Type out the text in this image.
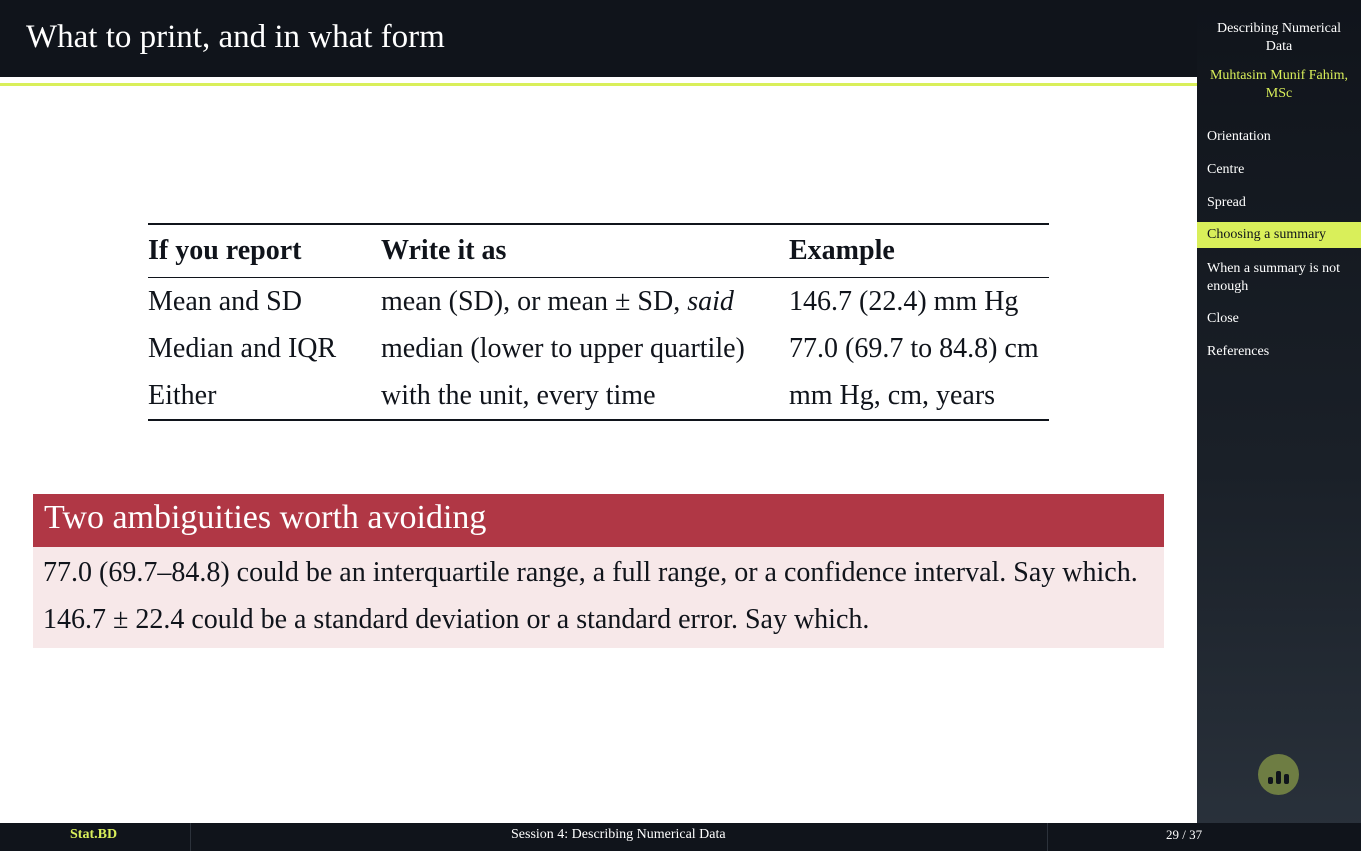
What to print, and in what form	Describing Numerical Data
Muhtasim Munif Fahim, MSc
Orientation
Centre
Spread
Choosing a summary
When a summary is not enough
Close
References
If you report	Write it as	Example
Mean and SD	mean (SD), or mean ± SD, said	146.7 (22.4) mm Hg
Median and IQR	median (lower to upper quartile)	77.0 (69.7 to 84.8) cm
Either	with the unit, every time	mm Hg, cm, years
Two ambiguities worth avoiding
77.0 (69.7–84.8) could be an interquartile range, a full range, or a confidence interval. Say which.
146.7 ± 22.4 could be a standard deviation or a standard error. Say which.
Stat.BD	Session 4: Describing Numerical Data	29 / 37
